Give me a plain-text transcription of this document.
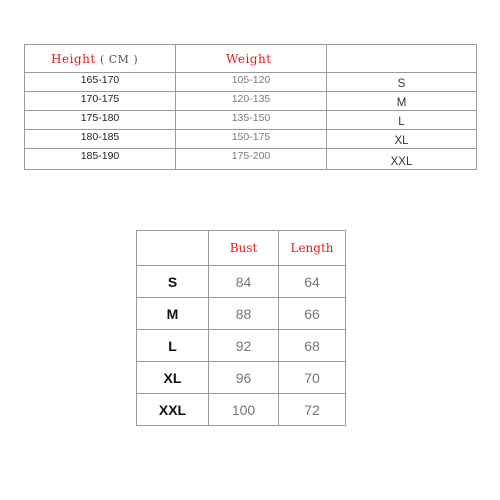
Height ( CM )	Weight	
165-170	105-120	S
170-175	120-135	M
175-180	135-150	L
180-185	150-175	XL
185-190	175-200	XXL
	Bust	Length
S	84	64
M	88	66
L	92	68
XL	96	70
XXL	100	72
